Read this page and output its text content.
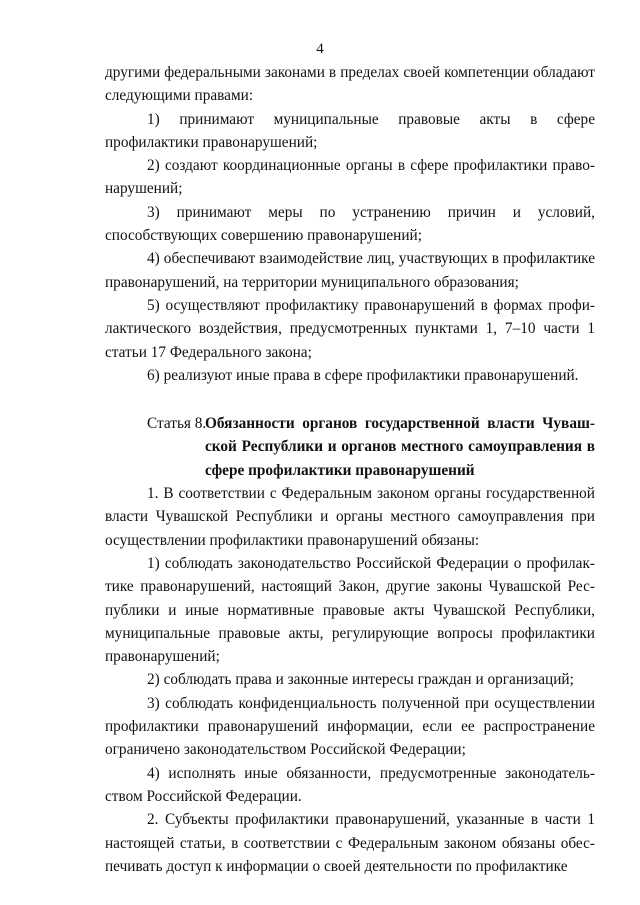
4

другими федеральными законами в пределах своей компетенции обладают следующими правами:

1) принимают муниципальные правовые акты в сфере профилактики правонарушений;

2) создают координационные органы в сфере профилактики правонарушений;

3) принимают меры по устранению причин и условий, способствующих совершению правонарушений;

4) обеспечивают взаимодействие лиц, участвующих в профилактике правонарушений, на территории муниципального образования;

5) осуществляют профилактику правонарушений в формах профилактического воздействия, предусмотренных пунктами 1, 7–10 части 1 статьи 17 Федерального закона;

6) реализуют иные права в сфере профилактики правонарушений.

Статья 8.
Обязанности органов государственной власти Чувашской Республики и органов местного самоуправления в сфере профилактики правонарушений

1. В соответствии с Федеральным законом органы государственной власти Чувашской Республики и органы местного самоуправления при осуществлении профилактики правонарушений обязаны:

1) соблюдать законодательство Российской Федерации о профилактике правонарушений, настоящий Закон, другие законы Чувашской Республики и иные нормативные правовые акты Чувашской Республики, муниципальные правовые акты, регулирующие вопросы профилактики правонарушений;

2) соблюдать права и законные интересы граждан и организаций;

3) соблюдать конфиденциальность полученной при осуществлении профилактики правонарушений информации, если ее распространение ограничено законодательством Российской Федерации;

4) исполнять иные обязанности, предусмотренные законодательством Российской Федерации.

2. Субъекты профилактики правонарушений, указанные в части 1 настоящей статьи, в соответствии с Федеральным законом обязаны обеспечивать доступ к информации о своей деятельности по профилактике
